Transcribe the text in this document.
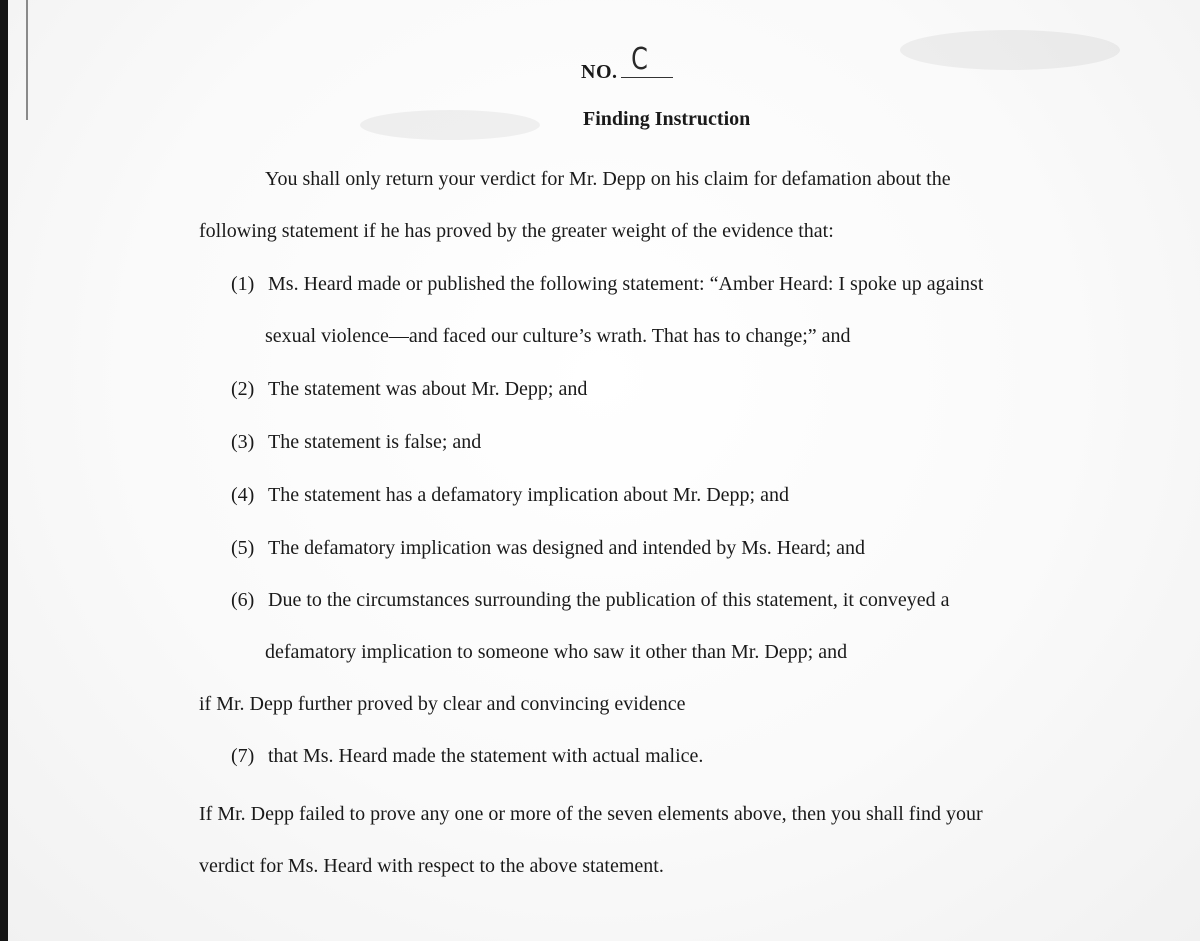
NO. C
Finding Instruction
You shall only return your verdict for Mr. Depp on his claim for defamation about the
following statement if he has proved by the greater weight of the evidence that:
(1) Ms. Heard made or published the following statement: “Amber Heard: I spoke up against
sexual violence—and faced our culture’s wrath. That has to change;” and
(2) The statement was about Mr. Depp; and
(3) The statement is false; and
(4) The statement has a defamatory implication about Mr. Depp; and
(5) The defamatory implication was designed and intended by Ms. Heard; and
(6) Due to the circumstances surrounding the publication of this statement, it conveyed a
defamatory implication to someone who saw it other than Mr. Depp; and
if Mr. Depp further proved by clear and convincing evidence
(7) that Ms. Heard made the statement with actual malice.
If Mr. Depp failed to prove any one or more of the seven elements above, then you shall find your
verdict for Ms. Heard with respect to the above statement.
